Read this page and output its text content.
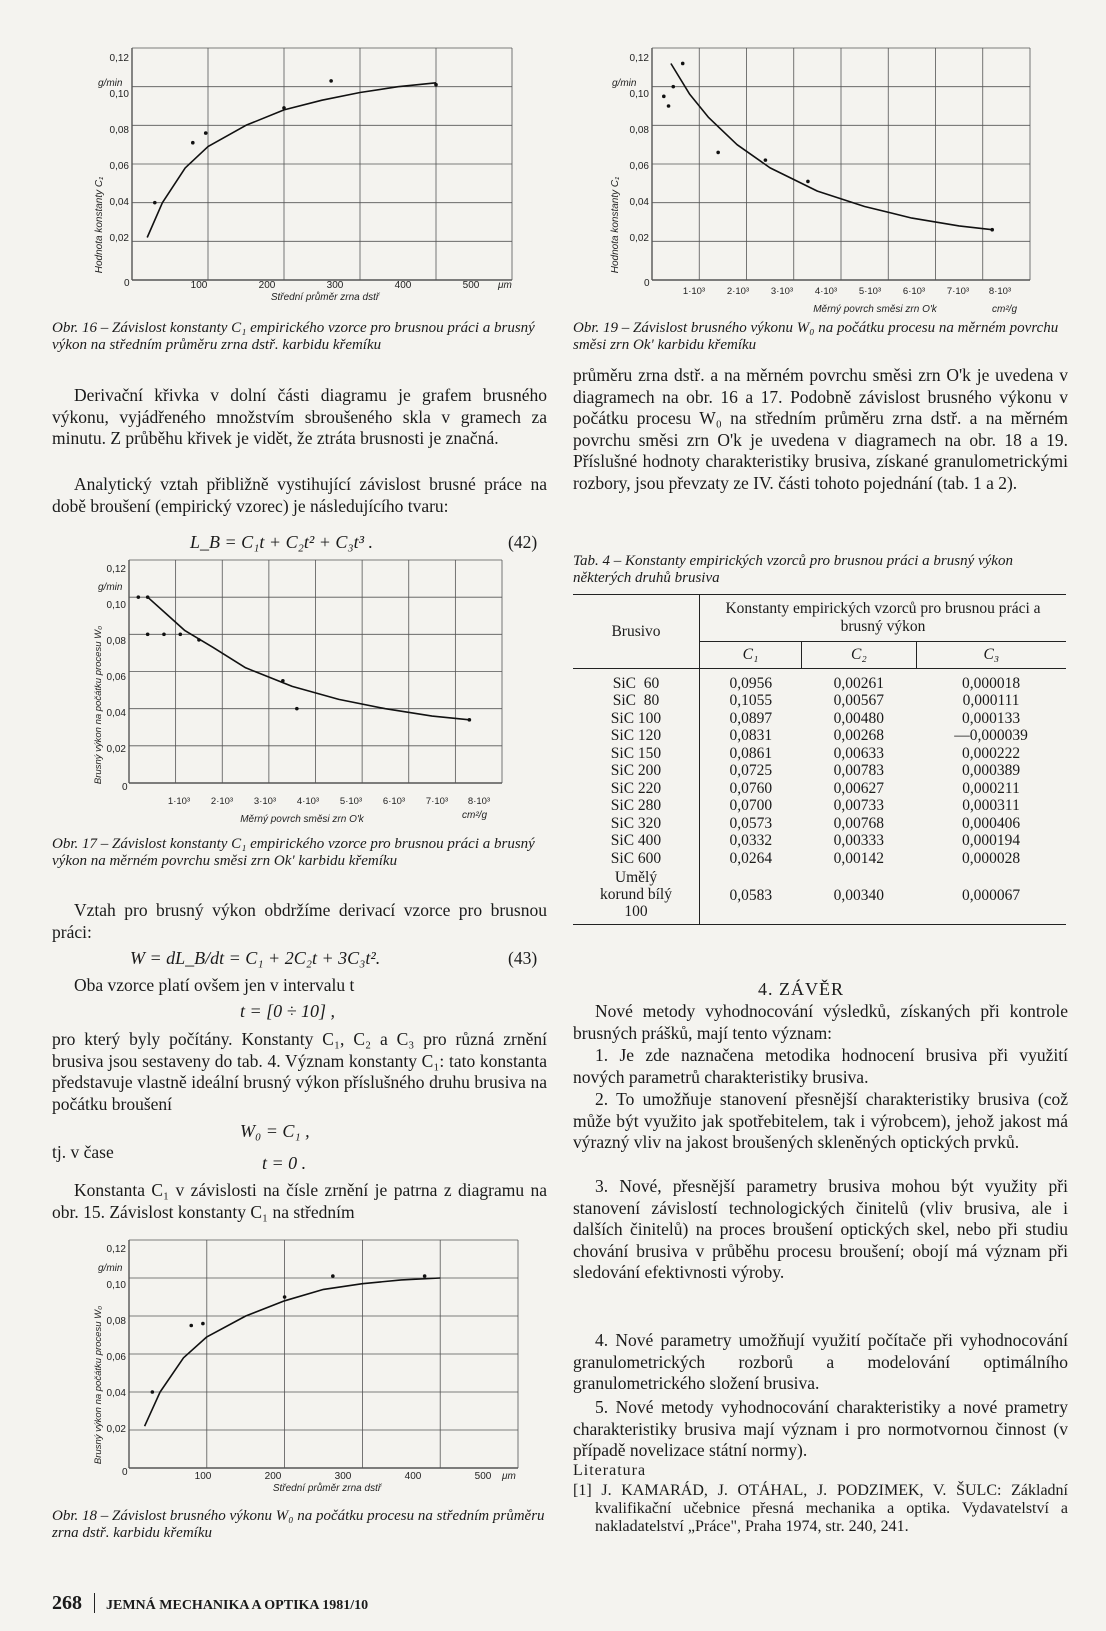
g/min
Hodnota konstanty C₁
Střední průměr zrna dstř
μm
0	100	200	300	400	500
0,02
0,04
0,06
0,08
0,10
0,12
g/min
Hodnota konstanty C₁
Měrný povrch směsi zrn O'k	cm²/g
0
1·10³ 2·10³ 3·10³ 4·10³ 5·10³ 6·10³ 7·10³ 8·10³
0,02
0,04
0,06
0,08
0,10
0,12
Obr. 16 – Závislost konstanty C₁ empirického vzorce pro brusnou práci a brusný výkon na středním průměru zrna dstř. karbidu křemíku
Obr. 19 – Závislost brusného výkonu W₀ na počátku procesu na měrném povrchu směsi zrn Ok' karbidu křemíku

Derivační křivka v dolní části diagramu je grafem brusného výkonu, vyjádřeného množstvím sbroušeného skla v gramech za minutu. Z průběhu křivek je vidět, že ztráta brusnosti je značná.

Analytický vztah přibližně vystihující závislost brusné práce na době broušení (empirický vzorec) je následujícího tvaru:

L_B = C₁t + C₂t² + C₃t³ .	(42)
g/min
Brusný výkon na počátku procesu W₀
Měrný povrch směsi zrn O'k	cm²/g
0
1·10³ 2·10³ 3·10³ 4·10³ 5·10³ 6·10³ 7·10³ 8·10³
0,02
0,04
0,06
0,08
0,10
0,12
Obr. 17 – Závislost konstanty C₁ empirického vzorce pro brusnou práci a brusný výkon na měrném povrchu směsi zrn Ok' karbidu křemíku

Vztah pro brusný výkon obdržíme derivací vzorce pro brusnou práci:

W = dL_B/dt = C₁ + 2C₂t + 3C₃t².	(43)

Oba vzorce platí ovšem jen v intervalu t

t = [0 ÷ 10] ,

pro který byly počítány. Konstanty C₁, C₂ a C₃ pro různá zrnění brusiva jsou sestaveny do tab. 4. Význam konstanty C₁: tato konstanta představuje vlastně ideální brusný výkon příslušného druhu brusiva na počátku broušení

W₀ = C₁ ,
tj. v čase
t = 0 .

Konstanta C₁ v závislosti na čísle zrnění je patrna z diagramu na obr. 15. Závislost konstanty C₁ na středním

g/min
Brusný výkon na počátku procesu W₀
Střední průměr zrna dstř
μm
0	100	200	300	400	500
0,02
0,04
0,06
0,08
0,10
0,12
Obr. 18 – Závislost brusného výkonu W₀ na počátku procesu na středním průměru zrna dstř. karbidu křemíku
268 JEMNÁ MECHANIKA A OPTIKA 1981/10

průměru zrna dstř. a na měrném povrchu směsi zrn O'k je uvedena v diagramech na obr. 16 a 17. Podobně závislost brusného výkonu v počátku procesu W₀ na středním průměru zrna dstř. a na měrném povrchu směsi zrn O'k je uvedena v diagramech na obr. 18 a 19. Příslušné hodnoty charakteristiky brusiva, získané granulometrickými rozbory, jsou převzaty ze IV. části tohoto pojednání (tab. 1 a 2).

Tab. 4 – Konstanty empirických vzorců pro brusnou práci a brusný výkon některých druhů brusiva
Brusivo	Konstanty empirických vzorců pro brusnou práci a brusný výkon		
	C₁	C₂	C₃
SiC  60	0,0956	0,00261	0,000018
SiC  80	0,1055	0,00567	0,000111
SiC 100	0,0897	0,00480	0,000133
SiC 120	0,0831	0,00268	—0,000039
SiC 150	0,0861	0,00633	0,000222
SiC 200	0,0725	0,00783	0,000389
SiC 220	0,0760	0,00627	0,000211
SiC 280	0,0700	0,00733	0,000311
SiC 320	0,0573	0,00768	0,000406
SiC 400	0,0332	0,00333	0,000194
SiC 600	0,0264	0,00142	0,000028
Umělý korund bílý 100	0,0583	0,00340	0,000067
4. ZÁVĚR

Nové metody vyhodnocování výsledků, získaných při kontrole brusných prášků, mají tento význam:

1. Je zde naznačena metodika hodnocení brusiva při využití nových parametrů charakteristiky brusiva.

2. To umožňuje stanovení přesnější charakteristiky brusiva (což může být využito jak spotřebitelem, tak i výrobcem), jehož jakost má výrazný vliv na jakost broušených skleněných optických prvků.

3. Nové, přesnější parametry brusiva mohou být využity při stanovení závislostí technologických činitelů (vliv brusiva, ale i dalších činitelů) na proces broušení optických skel, nebo při studiu chování brusiva v průběhu procesu broušení; obojí má význam při sledování efektivnosti výroby.

4. Nové parametry umožňují využití počítače při vyhodnocování granulometrických rozborů a modelování optimálního granulometrického složení brusiva.

5. Nové metody vyhodnocování charakteristiky a nové prametry charakteristiky brusiva mají význam i pro normotvornou činnost (v případě novelizace státní normy).

Literatura

[1] J. KAMARÁD, J. OTÁHAL, J. PODZIMEK, V. ŠULC: Základní kvalifikační učebnice přesná mechanika a optika. Vydavatelství a nakladatelství „Práce", Praha 1974, str. 240, 241.
